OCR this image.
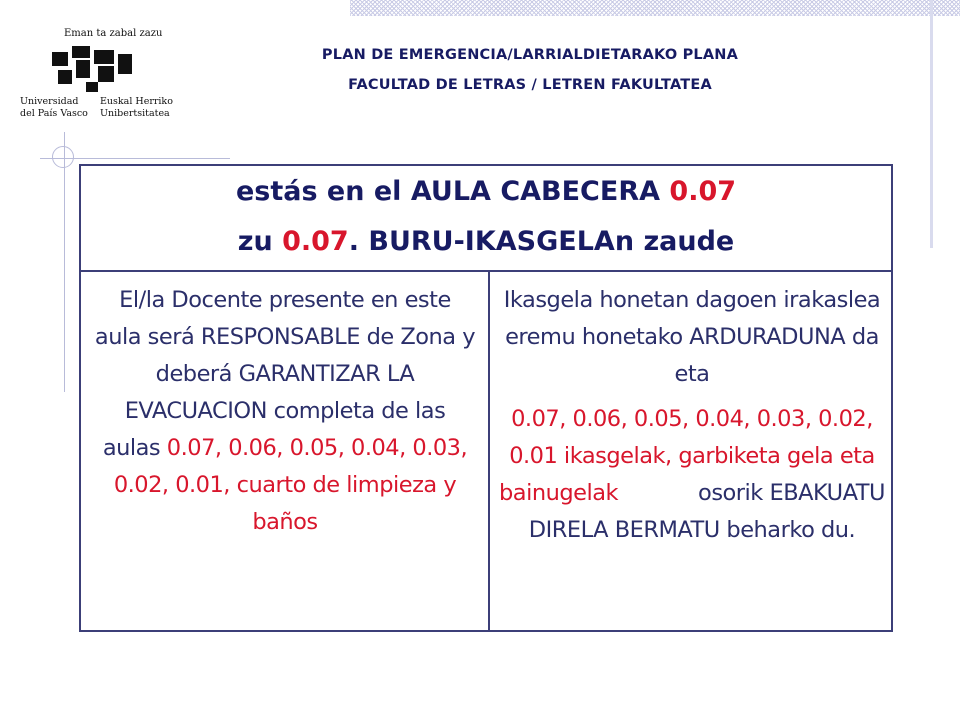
Eman ta zabal zazu
Universidad
del País Vasco
Euskal Herriko
Unibertsitatea
PLAN DE EMERGENCIA/LARRIALDIETARAKO PLANA
FACULTAD DE LETRAS / LETREN FAKULTATEA
estás en el AULA CABECERA 0.07
zu 0.07. BURU-IKASGELAn zaude
El/la Docente presente en este aula será RESPONSABLE de Zona y deberá GARANTIZAR LA EVACUACION completa de las aulas 0.07, 0.06, 0.05, 0.04, 0.03, 0.02, 0.01, cuarto de limpieza y baños
Ikasgela honetan dagoen irakaslea eremu honetako ARDURADUNA da eta
0.07, 0.06, 0.05, 0.04, 0.03, 0.02, 0.01 ikasgelak, garbiketa gela eta bainugelak	osorik EBAKUATU DIRELA BERMATU beharko du.
